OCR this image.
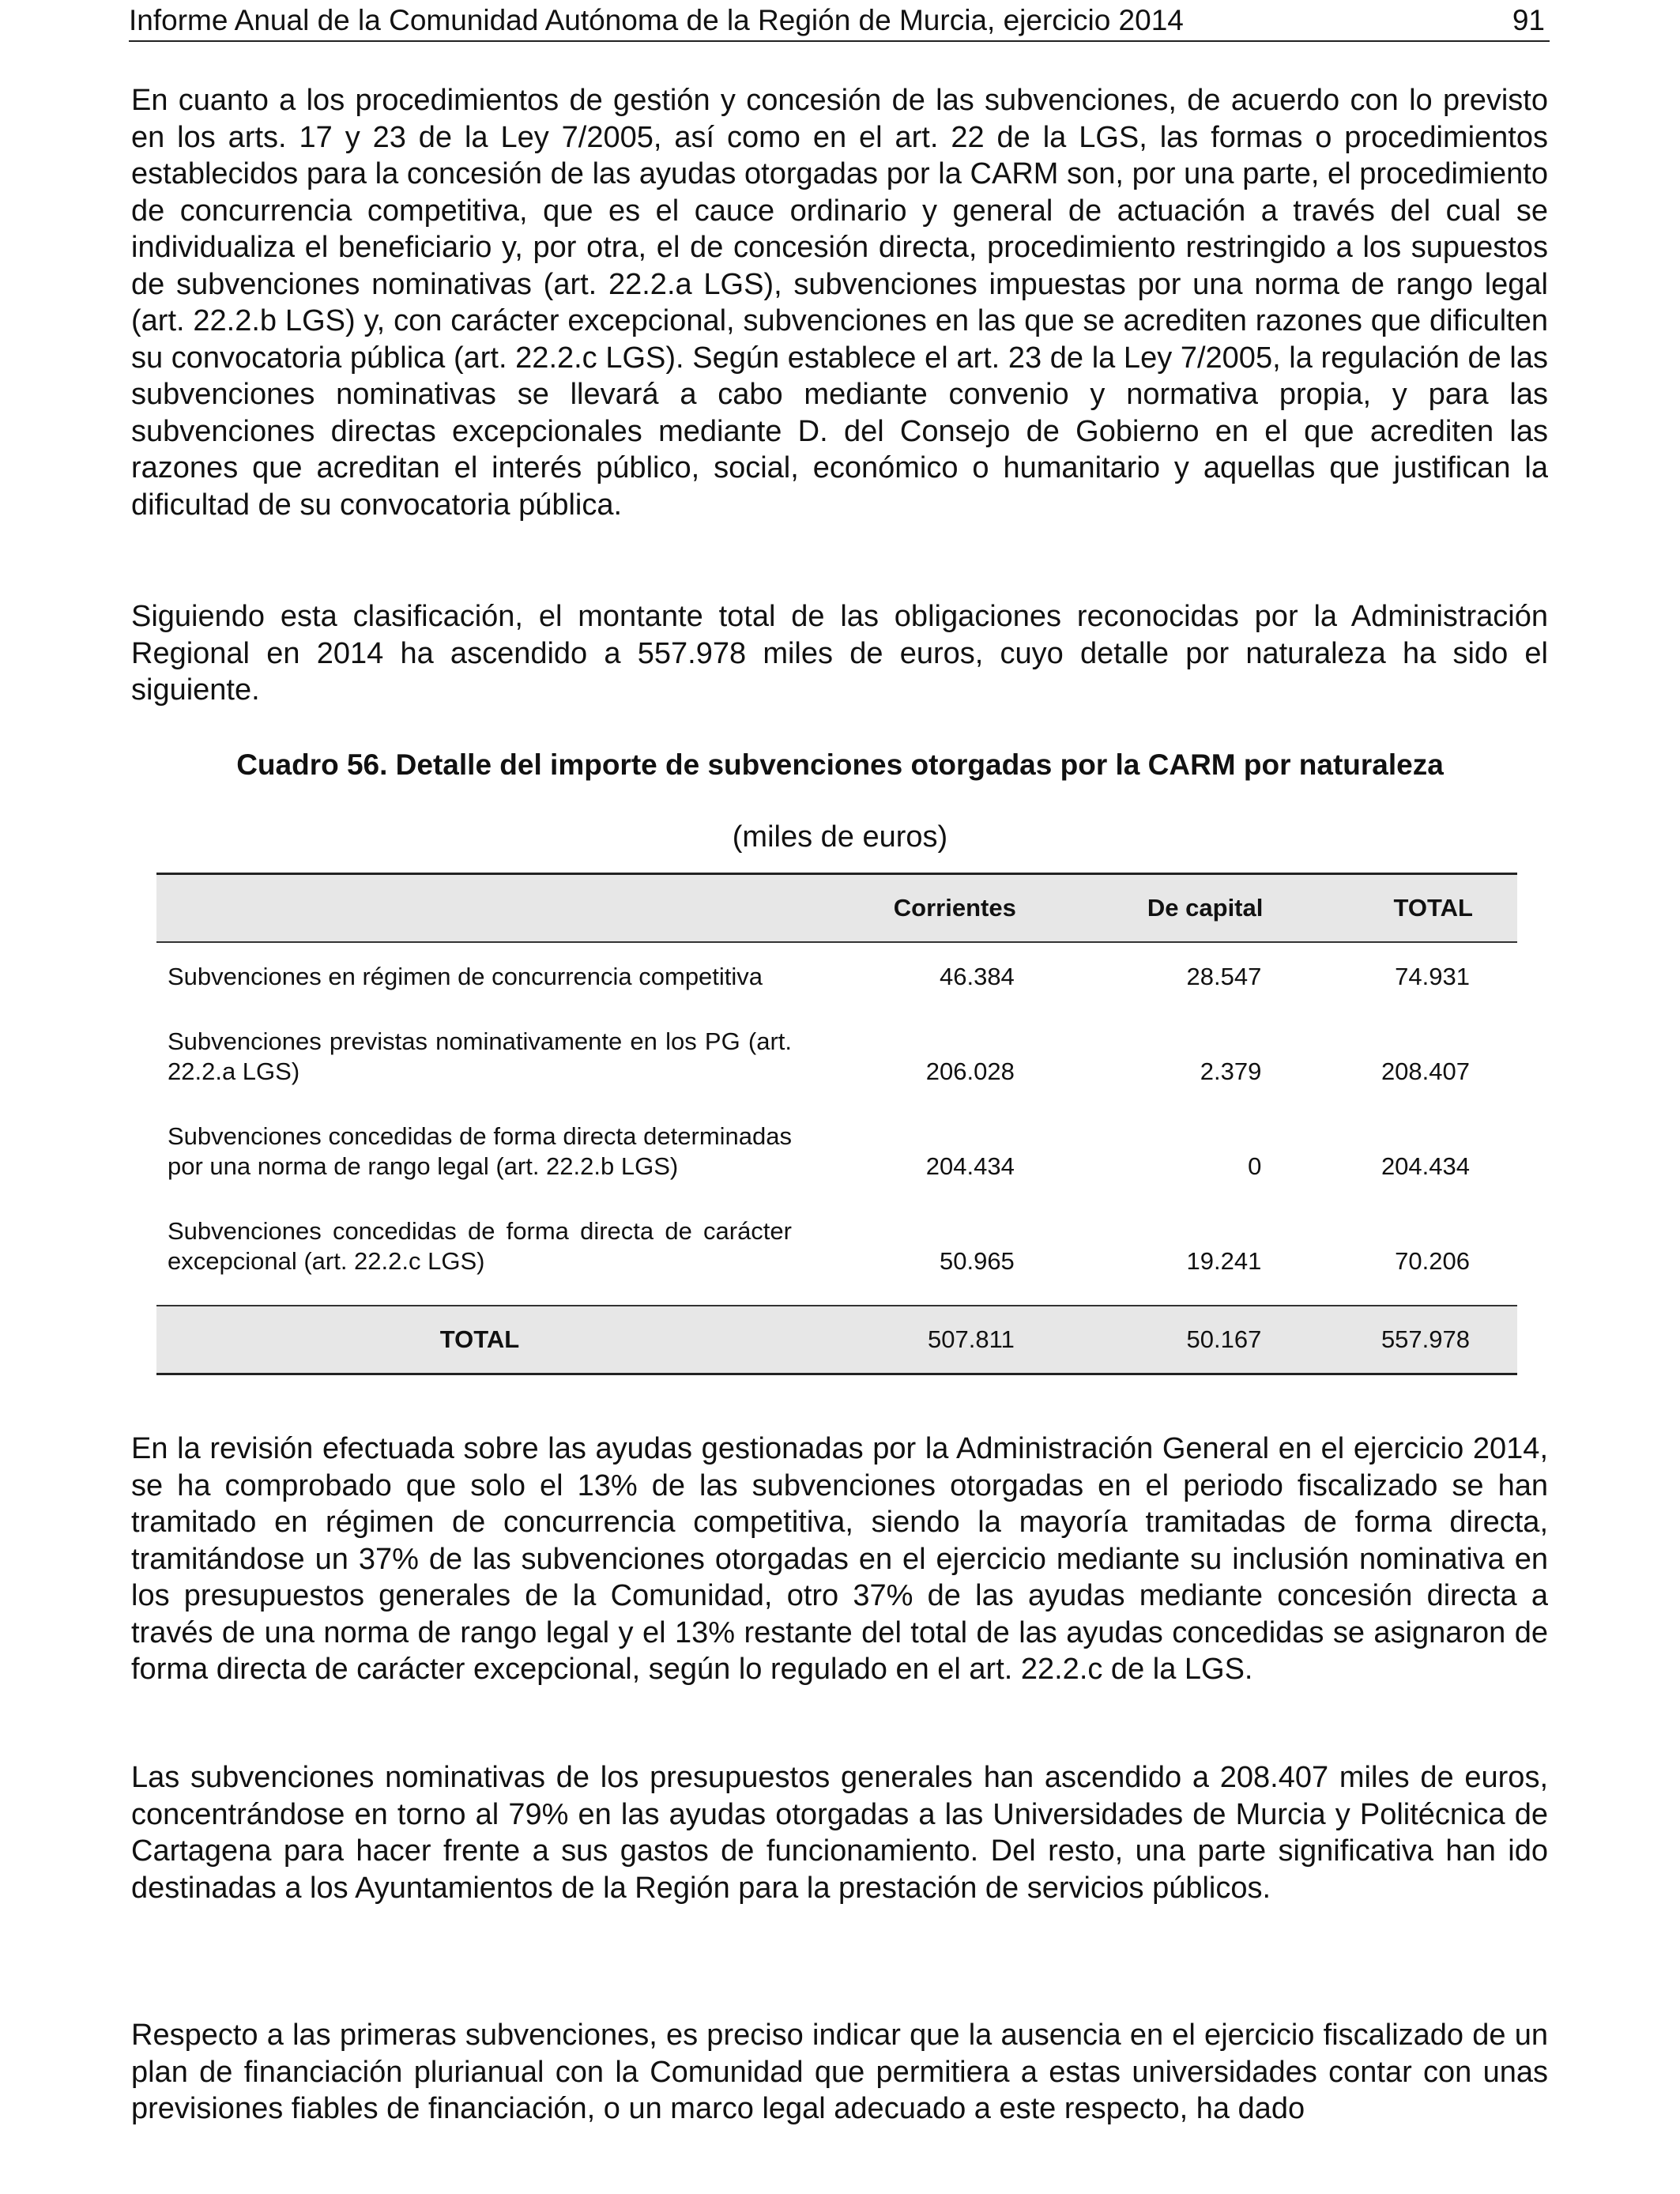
Informe Anual de la Comunidad Autónoma de la Región de Murcia, ejercicio 2014	91

En cuanto a los procedimientos de gestión y concesión de las subvenciones, de acuerdo con lo previsto en los arts. 17 y 23 de la Ley 7/2005, así como en el art. 22 de la LGS, las formas o procedimientos establecidos para la concesión de las ayudas otorgadas por la CARM son, por una parte, el procedimiento de concurrencia competitiva, que es el cauce ordinario y general de actuación a través del cual se individualiza el beneficiario y, por otra, el de concesión directa, procedimiento restringido a los supuestos de subvenciones nominativas (art. 22.2.a LGS), subvenciones impuestas por una norma de rango legal (art. 22.2.b LGS) y, con carácter excepcional, subvenciones en las que se acrediten razones que dificulten su convocatoria pública (art. 22.2.c LGS). Según establece el art. 23 de la Ley 7/2005, la regulación de las subvenciones nominativas se llevará a cabo mediante convenio y normativa propia, y para las subvenciones directas excepcionales mediante D. del Consejo de Gobierno en el que acrediten las razones que acreditan el interés público, social, económico o humanitario y aquellas que justifican la dificultad de su convocatoria pública.

Siguiendo esta clasificación, el montante total de las obligaciones reconocidas por la Administración Regional en 2014 ha ascendido a 557.978 miles de euros, cuyo detalle por naturaleza ha sido el siguiente.

Cuadro 56. Detalle del importe de subvenciones otorgadas por la CARM por naturaleza
(miles de euros)
	Corrientes	De capital	TOTAL
Subvenciones en régimen de concurrencia competitiva	46.384	28.547	74.931
Subvenciones previstas nominativamente en los PG (art. 22.2.a LGS)	206.028	2.379	208.407
Subvenciones concedidas de forma directa determinadas por una norma de rango legal (art. 22.2.b LGS)	204.434	0	204.434
Subvenciones concedidas de forma directa de carácter excepcional (art. 22.2.c LGS)	50.965	19.241	70.206

TOTAL	507.811	50.167	557.978

En la revisión efectuada sobre las ayudas gestionadas por la Administración General en el ejercicio 2014, se ha comprobado que solo el 13% de las subvenciones otorgadas en el periodo fiscalizado se han tramitado en régimen de concurrencia competitiva, siendo la mayoría tramitadas de forma directa, tramitándose un 37% de las subvenciones otorgadas en el ejercicio mediante su inclusión nominativa en los presupuestos generales de la Comunidad, otro 37% de las ayudas mediante concesión directa a través de una norma de rango legal y el 13% restante del total de las ayudas concedidas se asignaron de forma directa de carácter excepcional, según lo regulado en el art. 22.2.c de la LGS.

Las subvenciones nominativas de los presupuestos generales han ascendido a 208.407 miles de euros, concentrándose en torno al 79% en las ayudas otorgadas a las Universidades de Murcia y Politécnica de Cartagena para hacer frente a sus gastos de funcionamiento. Del resto, una parte significativa han ido destinadas a los Ayuntamientos de la Región para la prestación de servicios públicos.

Respecto a las primeras subvenciones, es preciso indicar que la ausencia en el ejercicio fiscalizado de un plan de financiación plurianual con la Comunidad que permitiera a estas universidades contar con unas previsiones fiables de financiación, o un marco legal adecuado a este respecto, ha dado
